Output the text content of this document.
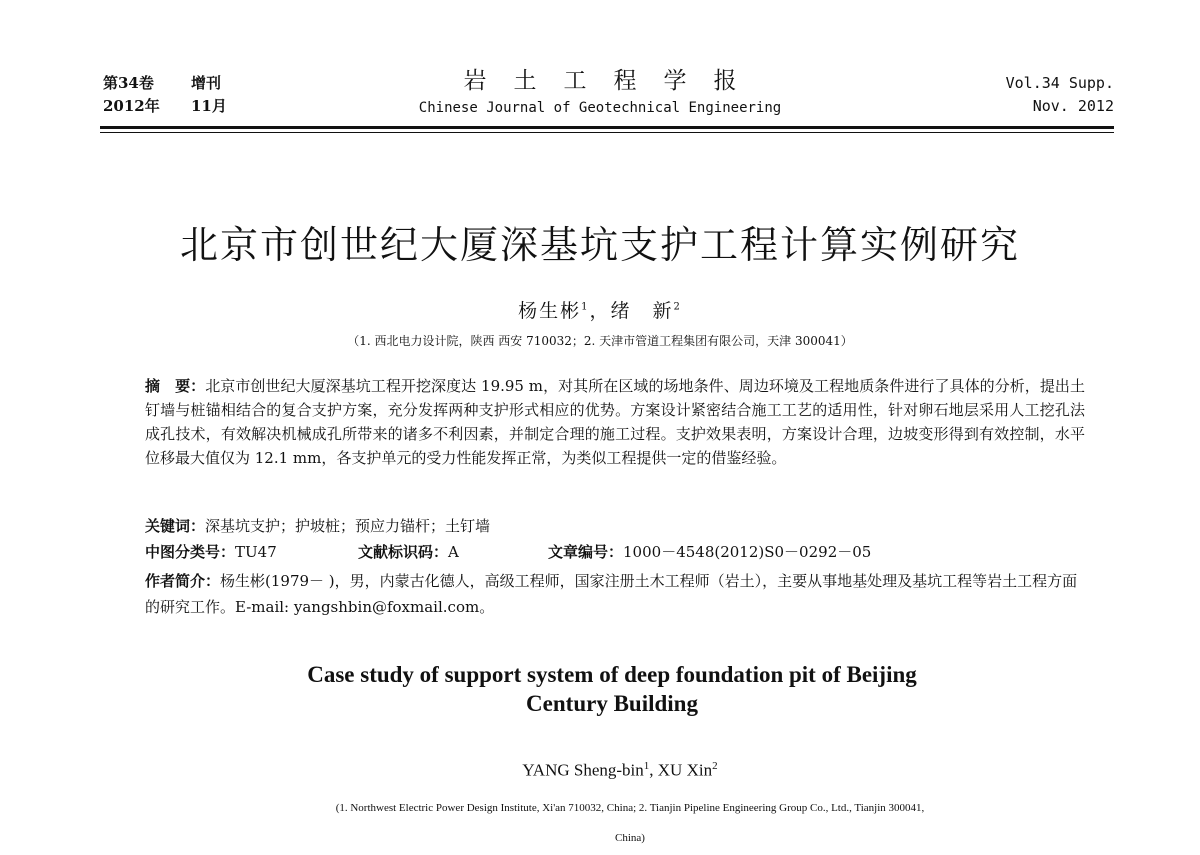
第34卷	增刊
2012年	11月
岩土工程学报
Chinese Journal of Geotechnical Engineering
Vol.34 Supp.
Nov. 2012
北京市创世纪大厦深基坑支护工程计算实例研究
杨生彬$^1$，绪　新$^2$
（1. 西北电力设计院，陕西 西安 710032；2. 天津市管道工程集团有限公司，天津 300041）
摘　要：北京市创世纪大厦深基坑工程开挖深度达 19.95 m，对其所在区域的场地条件、周边环境及工程地质条件进行了具体的分析，提出土钉墙与桩锚相结合的复合支护方案，充分发挥两种支护形式相应的优势。方案设计紧密结合施工工艺的适用性，针对卵石地层采用人工挖孔法成孔技术，有效解决机械成孔所带来的诸多不利因素，并制定合理的施工过程。支护效果表明，方案设计合理，边坡变形得到有效控制，水平位移最大值仅为 12.1 mm，各支护单元的受力性能发挥正常，为类似工程提供一定的借鉴经验。
关键词：深基坑支护；护坡桩；预应力锚杆；土钉墙
中图分类号：TU47	文献标识码：A	文章编号：1000－4548(2012)S0－0292－05
作者简介：杨生彬(1979－ )，男，内蒙古化德人，高级工程师，国家注册土木工程师（岩土），主要从事地基处理及基坑工程等岩土工程方面的研究工作。E-mail: yangshbin@foxmail.com。
Case study of support system of deep foundation pit of Beijing
Century Building
YANG Sheng-bin$^1$, XU Xin$^2$
(1. Northwest Electric Power Design Institute, Xi'an 710032, China; 2. Tianjin Pipeline Engineering Group Co., Ltd., Tianjin 300041,
China)
